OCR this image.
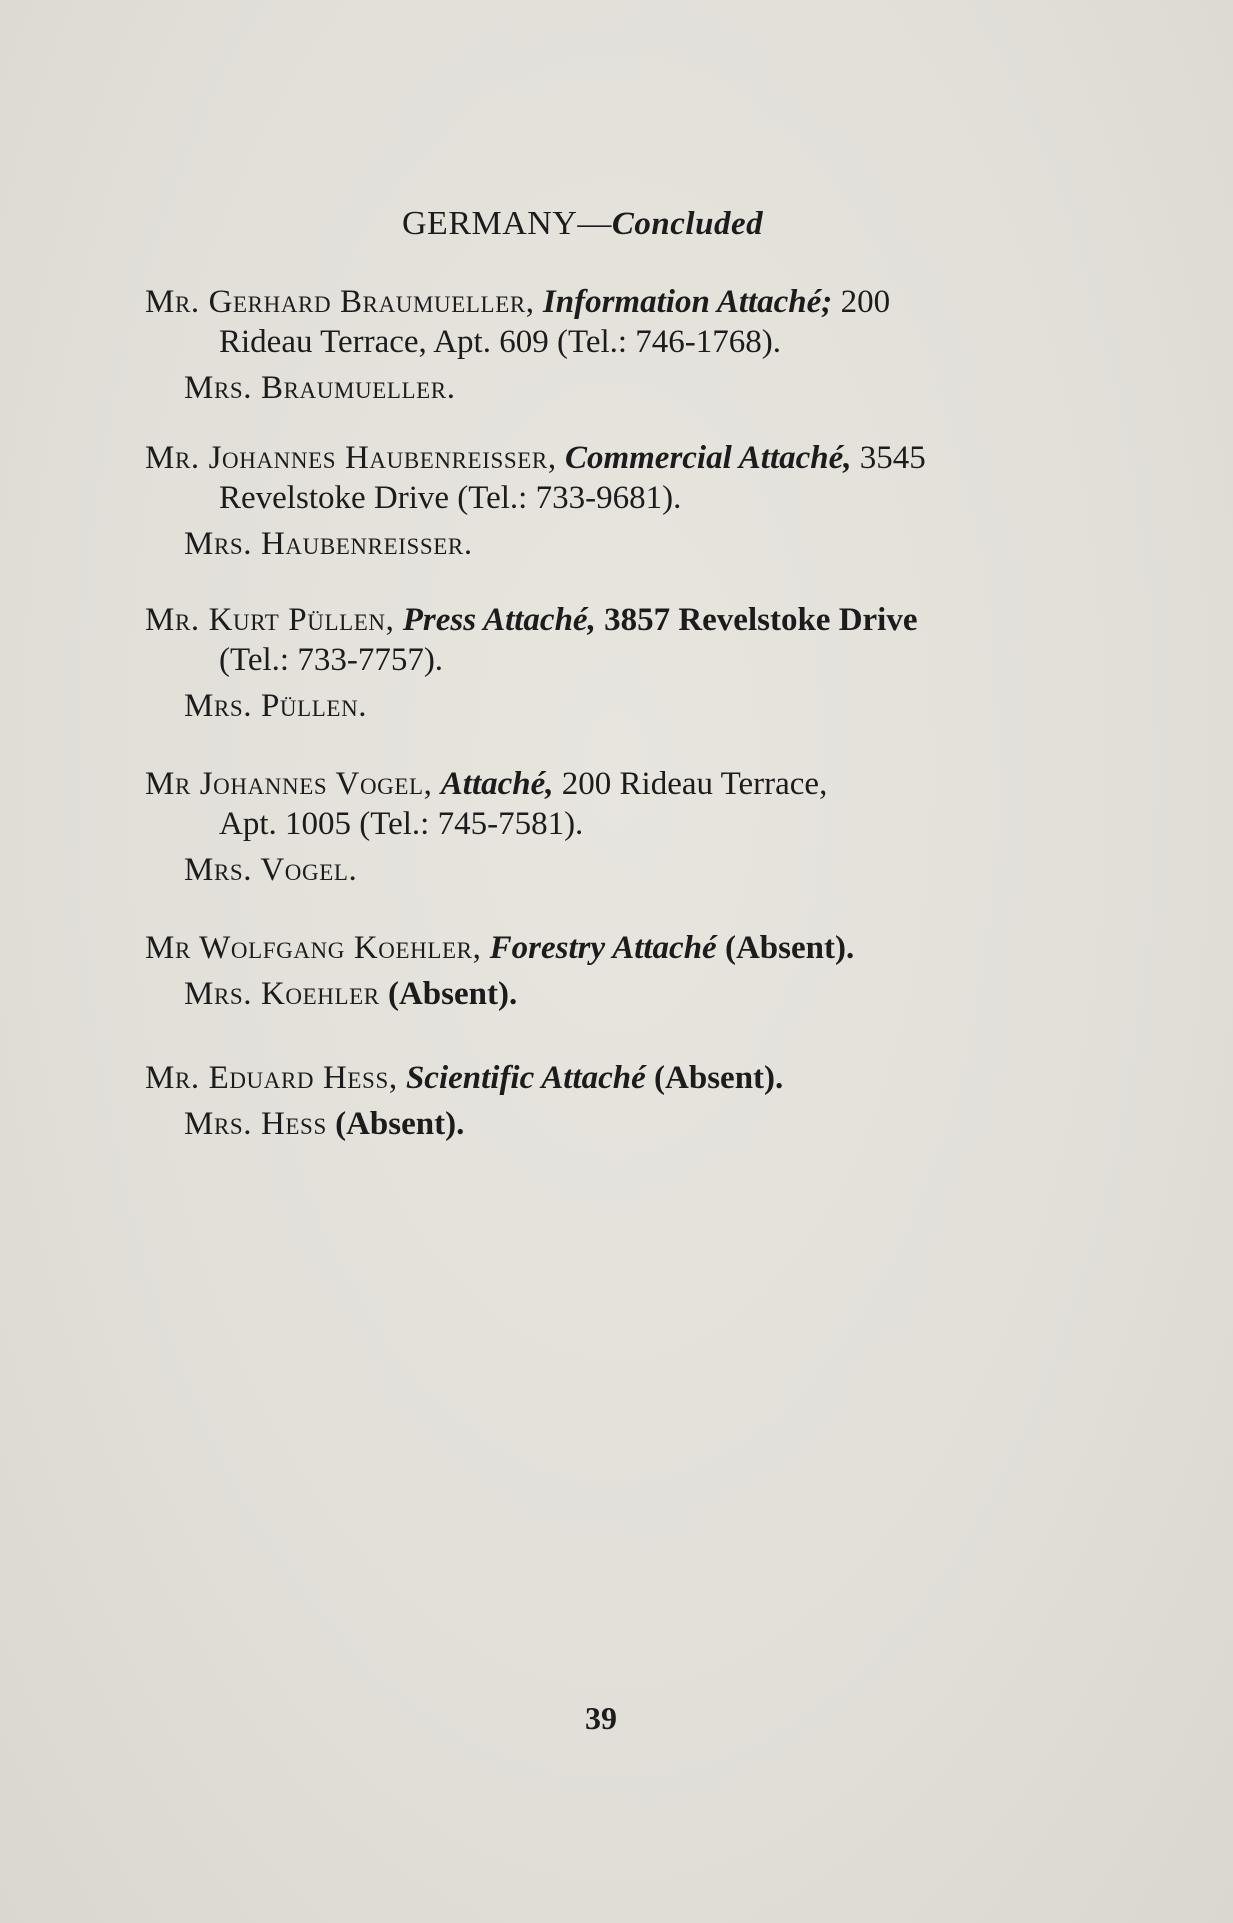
GERMANY—Concluded
Mr. Gerhard Braumueller, Information Attaché; 200
Rideau Terrace, Apt. 609 (Tel.: 746-1768).
Mrs. Braumueller.
Mr. Johannes Haubenreisser, Commercial Attaché, 3545
Revelstoke Drive (Tel.: 733-9681).
Mrs. Haubenreisser.
Mr. Kurt Püllen, Press Attaché, 3857 Revelstoke Drive
(Tel.: 733-7757).
Mrs. Püllen.
Mr Johannes Vogel, Attaché, 200 Rideau Terrace,
Apt. 1005 (Tel.: 745-7581).
Mrs. Vogel.
Mr Wolfgang Koehler, Forestry Attaché (Absent).
Mrs. Koehler (Absent).
Mr. Eduard Hess, Scientific Attaché (Absent).
Mrs. Hess (Absent).
39
